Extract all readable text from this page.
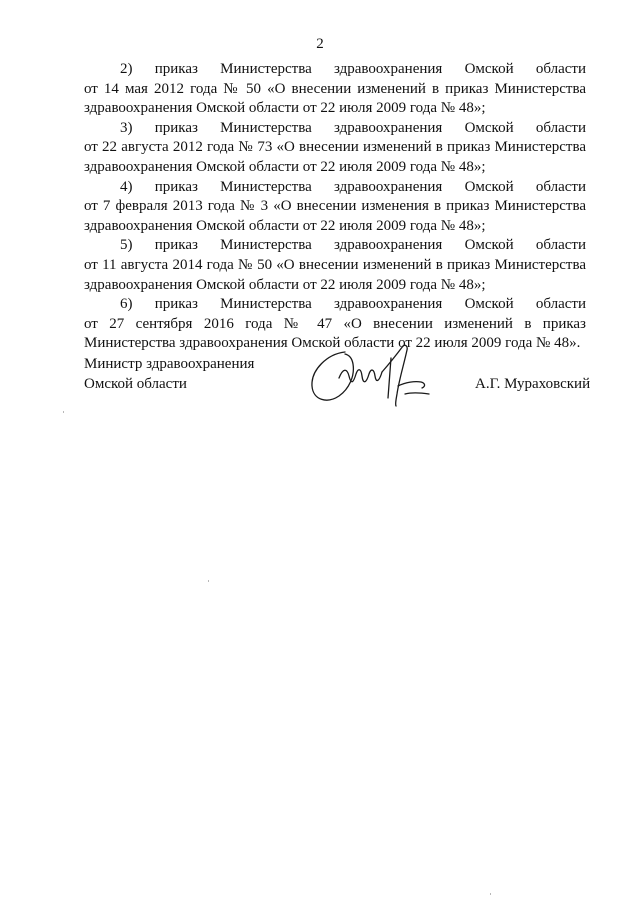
2
2) приказ Министерства здравоохранения Омской области
от 14 мая 2012 года № 50 «О внесении изменений в приказ Министерства
здравоохранения Омской области от 22 июля 2009 года № 48»;
3) приказ Министерства здравоохранения Омской области
от 22 августа 2012 года № 73 «О внесении изменений в приказ Министерства
здравоохранения Омской области от 22 июля 2009 года № 48»;
4) приказ Министерства здравоохранения Омской области
от 7 февраля 2013 года № 3 «О внесении изменения в приказ Министерства
здравоохранения Омской области от 22 июля 2009 года № 48»;
5) приказ Министерства здравоохранения Омской области
от 11 августа 2014 года № 50 «О внесении изменений в приказ Министерства
здравоохранения Омской области от 22 июля 2009 года № 48»;
6) приказ Министерства здравоохранения Омской области
от 27 сентября 2016 года № 47 «О внесении изменений в приказ
Министерства здравоохранения Омской области от 22 июля 2009 года № 48».
Министр здравоохранения
Омской области	А.Г. Мураховский
